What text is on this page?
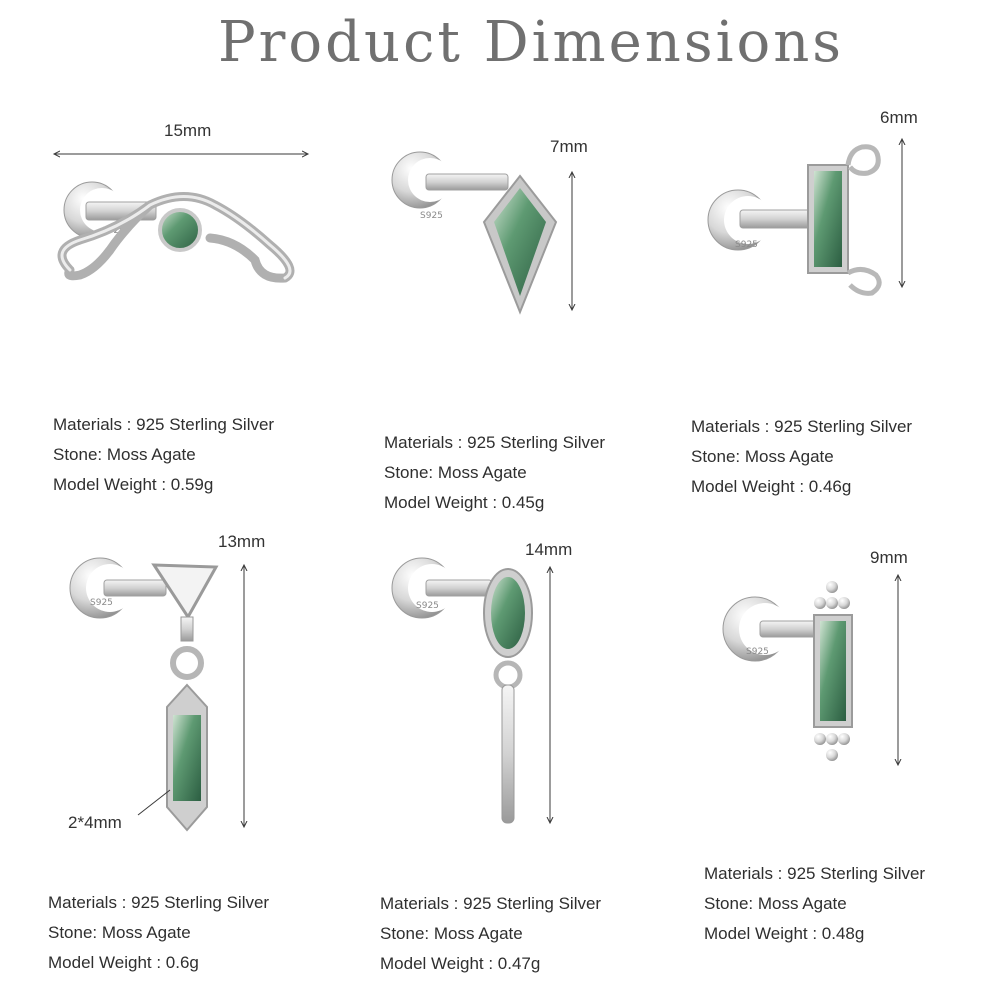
Product Dimensions
S925
15mm
Materials : 925 Sterling Silver
Stone: Moss Agate
Model Weight : 0.59g
S925
7mm
Materials : 925 Sterling Silver
Stone: Moss Agate
Model Weight : 0.45g
S925
6mm
Materials : 925 Sterling Silver
Stone: Moss Agate
Model Weight : 0.46g
S925
13mm
2*4mm
Materials : 925 Sterling Silver
Stone: Moss Agate
Model Weight : 0.6g
S925
14mm
Materials : 925 Sterling Silver
Stone: Moss Agate
Model Weight : 0.47g
S925
9mm
Materials : 925 Sterling Silver
Stone: Moss Agate
Model Weight : 0.48g
